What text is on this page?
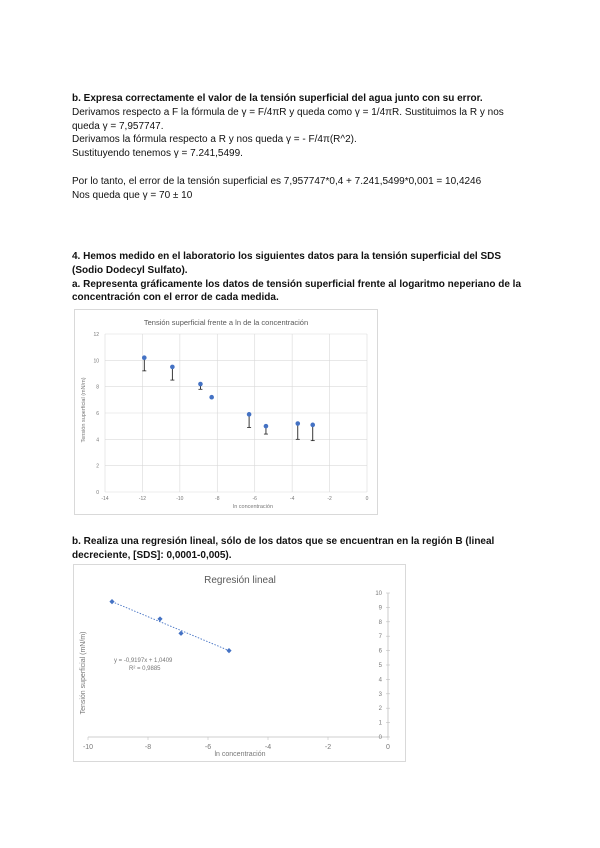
b. Expresa correctamente el valor de la tensión superficial del agua junto con su error.

Derivamos respecto a F la fórmula de γ = F/4πR y queda como γ = 1/4πR. Sustituimos la R y nos queda γ = 7,957747.

Derivamos la fórmula respecto a R y nos queda γ = - F/4π(R^2).

Sustituyendo tenemos γ = 7.241,5499.

Por lo tanto, el error de la tensión superficial es 7,957747*0,4 + 7.241,5499*0,001 = 10,4246

Nos queda que γ = 70 ± 10

4. Hemos medido en el laboratorio los siguientes datos para la tensión superficial del SDS (Sodio Dodecyl Sulfato).

a. Representa gráficamente los datos de tensión superficial frente al logaritmo neperiano de la concentración con el error de cada medida.

Tensión superficial frente a ln de la concentración
ln concentración
Tensión superficial (mN/m)
0
2
4
6
8
10
12
-14	-12	-10	-8	-6	-4	-2	0

b. Realiza una regresión lineal, sólo de los datos que se encuentran en la región B (lineal decreciente, [SDS]: 0,0001-0,005).

Regresión lineal
ln concentración
Tensión superficial (mN/m)	y = -0,9197x + 1,0409
R² = 0,9885
0
1
2
3
4
5
6
7
8
9
10
-10	-8	-6	-4	-2	0
